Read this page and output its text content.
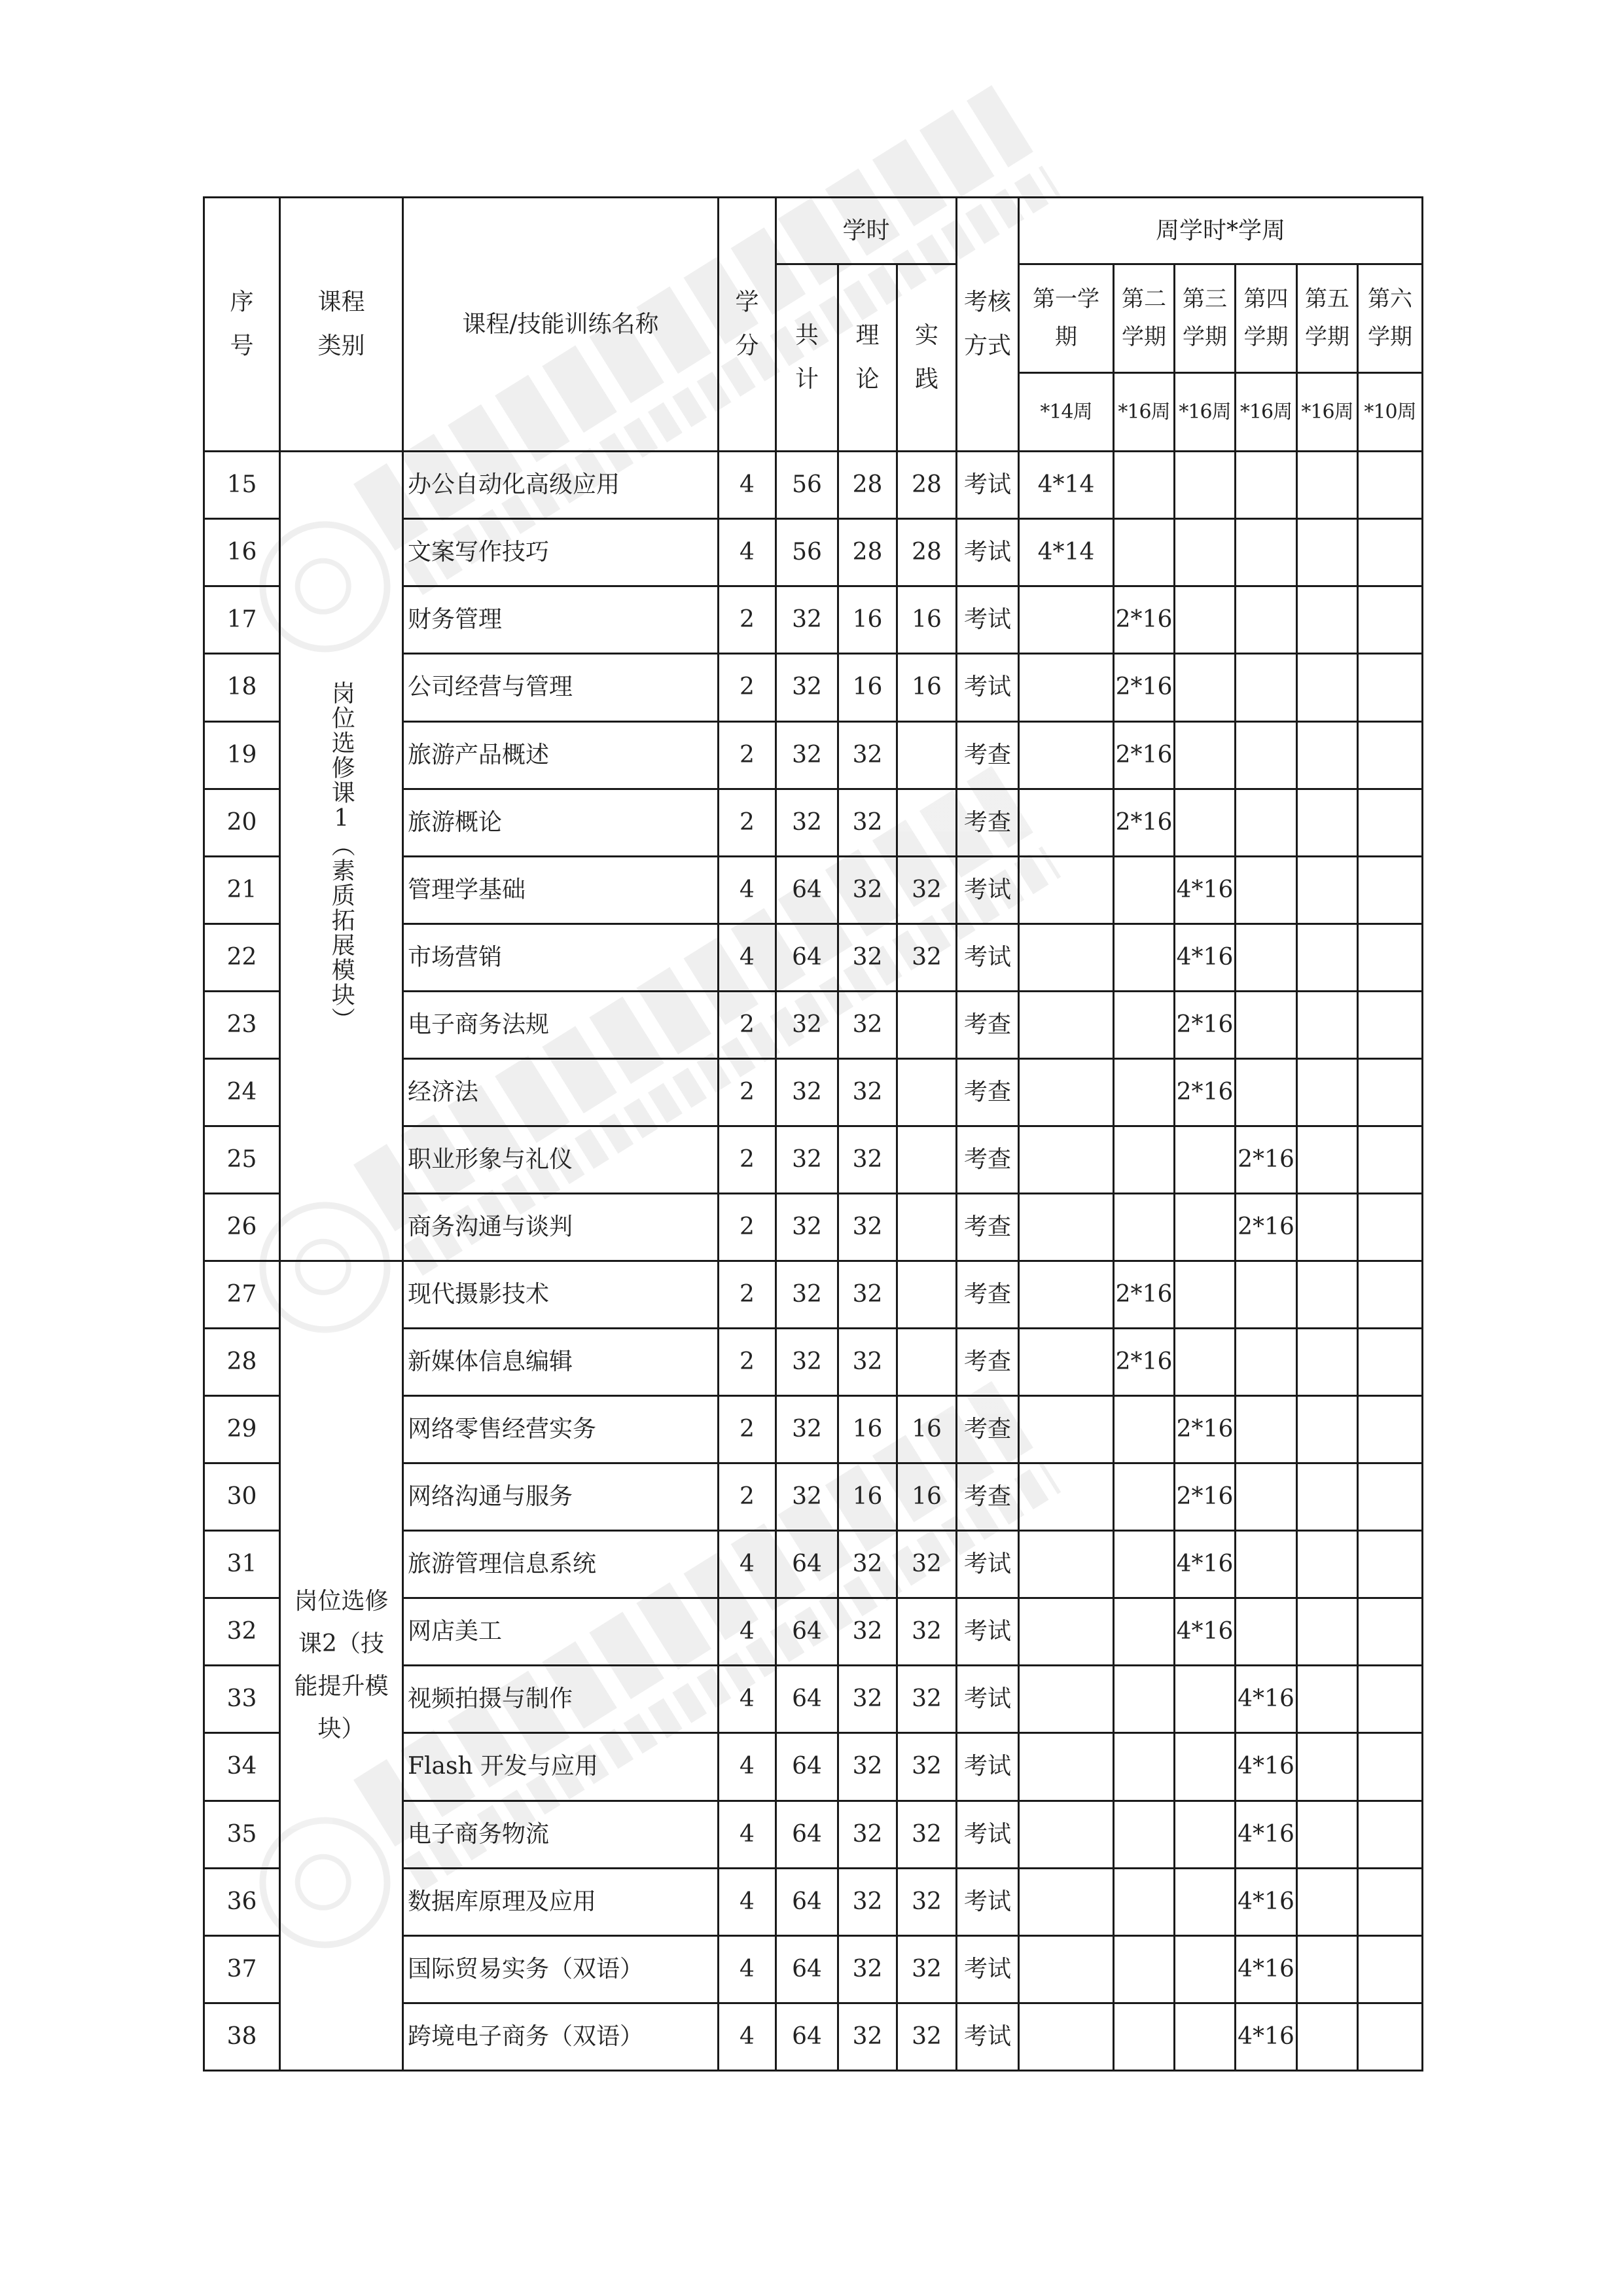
序号	课程类别	课程/技能训练名称	学分	学时			考核方式	周学时*学周					

				共计	理论	实践		第一学期	第二学期	第三学期	第四学期	第五学期	第六学期

								*14周	*16周	*16周	*16周	*16周	*10周
15	岗位选修课1（素质拓展模块）	办公自动化高级应用	4	56	28	28	考试	4*14					
16		文案写作技巧	4	56	28	28	考试	4*14					
17		财务管理	2	32	16	16	考试		2*16				
18		公司经营与管理	2	32	16	16	考试		2*16				
19		旅游产品概述	2	32	32		考查		2*16				
20		旅游概论	2	32	32		考查		2*16				
21		管理学基础	4	64	32	32	考试			4*16			
22		市场营销	4	64	32	32	考试			4*16			
23		电子商务法规	2	32	32		考查			2*16			
24		经济法	2	32	32		考查			2*16			
25		职业形象与礼仪	2	32	32		考查				2*16		
26		商务沟通与谈判	2	32	32		考查				2*16		
27	岗位选修课2（技能提升模块）	现代摄影技术	2	32	32		考查		2*16				
28		新媒体信息编辑	2	32	32		考查		2*16				
29		网络零售经营实务	2	32	16	16	考查			2*16			
30		网络沟通与服务	2	32	16	16	考查			2*16			
31		旅游管理信息系统	4	64	32	32	考试			4*16			
32		网店美工	4	64	32	32	考试			4*16			
33		视频拍摄与制作	4	64	32	32	考试				4*16		
34		Flash 开发与应用	4	64	32	32	考试				4*16		
35		电子商务物流	4	64	32	32	考试				4*16		
36		数据库原理及应用	4	64	32	32	考试				4*16		
37		国际贸易实务（双语）	4	64	32	32	考试				4*16		
38		跨境电子商务（双语）	4	64	32	32	考试				4*16		
